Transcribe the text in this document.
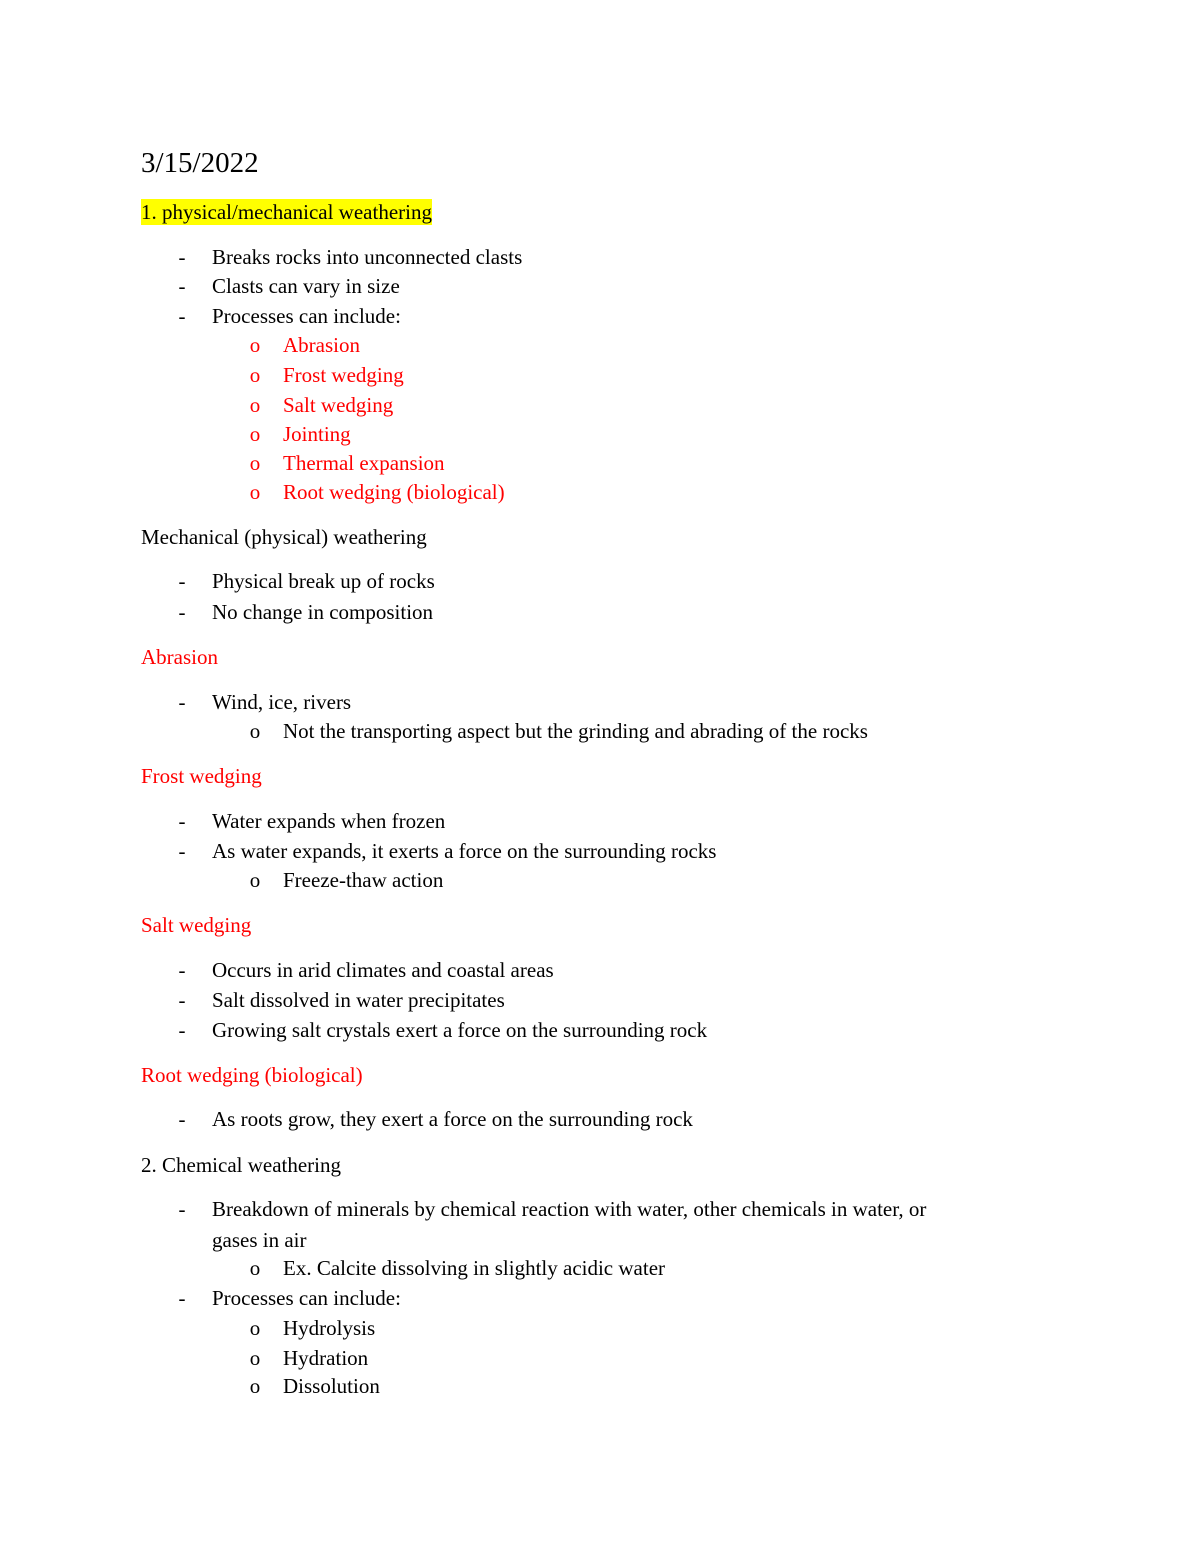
3/15/2022
1. physical/mechanical weathering
- Breaks rocks into unconnected clasts
- Clasts can vary in size
- Processes can include:
o Abrasion
o Frost wedging
o Salt wedging
o Jointing
o Thermal expansion
o Root wedging (biological)
Mechanical (physical) weathering
- Physical break up of rocks
- No change in composition
Abrasion
- Wind, ice, rivers
o Not the transporting aspect but the grinding and abrading of the rocks
Frost wedging
- Water expands when frozen
- As water expands, it exerts a force on the surrounding rocks
o Freeze-thaw action
Salt wedging
- Occurs in arid climates and coastal areas
- Salt dissolved in water precipitates
- Growing salt crystals exert a force on the surrounding rock
Root wedging (biological)
- As roots grow, they exert a force on the surrounding rock
2. Chemical weathering
- Breakdown of minerals by chemical reaction with water, other chemicals in water, or
gases in air
o Ex. Calcite dissolving in slightly acidic water
- Processes can include:
o Hydrolysis
o Hydration
o Dissolution
